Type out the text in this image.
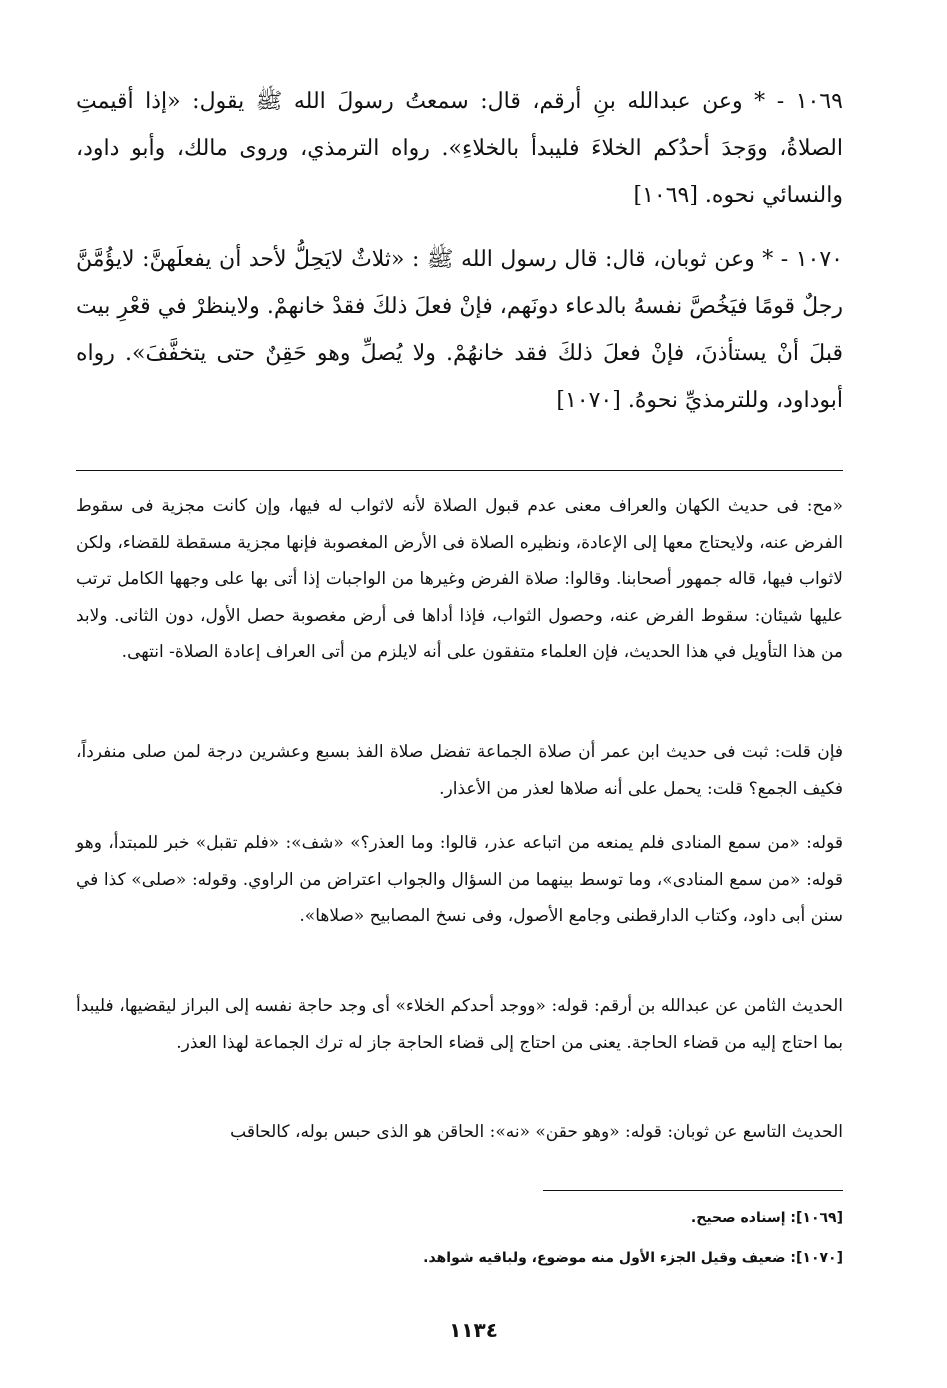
١٠٦٩ - * وعن عبدالله بنِ أرقم، قال: سمعتُ رسولَ الله ﷺ يقول: «إذا أقيمتِ الصلاةُ، ووَجدَ أحدُكم الخلاءَ فليبدأ بالخلاءِ». رواه الترمذي، وروى مالك، وأبو داود، والنسائي نحوه. [١٠٦٩]

١٠٧٠ - * وعن ثوبان، قال: قال رسول الله ﷺ : «ثلاثٌ لايَحِلُّ لأحد أن يفعلَهنَّ: لايؤُمَّنَّ رجلٌ قومًا فيَخُصَّ نفسهُ بالدعاء دونَهم، فإنْ فعلَ ذلكَ فقدْ خانهمْ. ولاينظرْ في قعْرِ بيت قبلَ أنْ يستأذنَ، فإنْ فعلَ ذلكَ فقد خانهُمْ. ولا يُصلِّ وهو حَقِنٌ حتى يتخفَّفَ». رواه أبوداود، وللترمذيِّ نحوهُ. [١٠٧٠]

«مح: فى حديث الكهان والعراف معنى عدم قبول الصلاة لأنه لاثواب له فيها، وإن كانت مجزية فى سقوط الفرض عنه، ولايحتاج معها إلى الإعادة، ونظيره الصلاة فى الأرض المغصوبة فإنها مجزية مسقطة للقضاء، ولكن لاثواب فيها، قاله جمهور أصحابنا. وقالوا: صلاة الفرض وغيرها من الواجبات إذا أتى بها على وجهها الكامل ترتب عليها شيئان: سقوط الفرض عنه، وحصول الثواب، فإذا أداها فى أرض مغصوبة حصل الأول، دون الثانى. ولابد من هذا التأويل في هذا الحديث، فإن العلماء متفقون على أنه لايلزم من أتى العراف إعادة الصلاة- انتهى.

فإن قلت: ثبت فى حديث ابن عمر أن صلاة الجماعة تفضل صلاة الفذ بسبع وعشرين درجة لمن صلى منفرداً، فكيف الجمع؟ قلت: يحمل على أنه صلاها لعذر من الأعذار.

قوله: «من سمع المنادى فلم يمنعه من اتباعه عذر، قالوا: وما العذر؟» «شف»: «فلم تقبل» خبر للمبتدأ، وهو قوله: «من سمع المنادى»، وما توسط بينهما من السؤال والجواب اعتراض من الراوي. وقوله: «صلى» كذا في سنن أبى داود، وكتاب الدارقطنى وجامع الأصول، وفى نسخ المصابيح «صلاها».

الحديث الثامن عن عبدالله بن أرقم: قوله: «ووجد أحدكم الخلاء» أى وجد حاجة نفسه إلى البراز ليقضيها، فليبدأ بما احتاج إليه من قضاء الحاجة. يعنى من احتاج إلى قضاء الحاجة جاز له ترك الجماعة لهذا العذر.

الحديث التاسع عن ثوبان: قوله: «وهو حقن» «نه»: الحاقن هو الذى حبس بوله، كالحاقب

[١٠٦٩]: إسناده صحيح.

[١٠٧٠]: ضعيف وقيل الجزء الأول منه موضوع، ولباقيه شواهد.

١١٣٤
